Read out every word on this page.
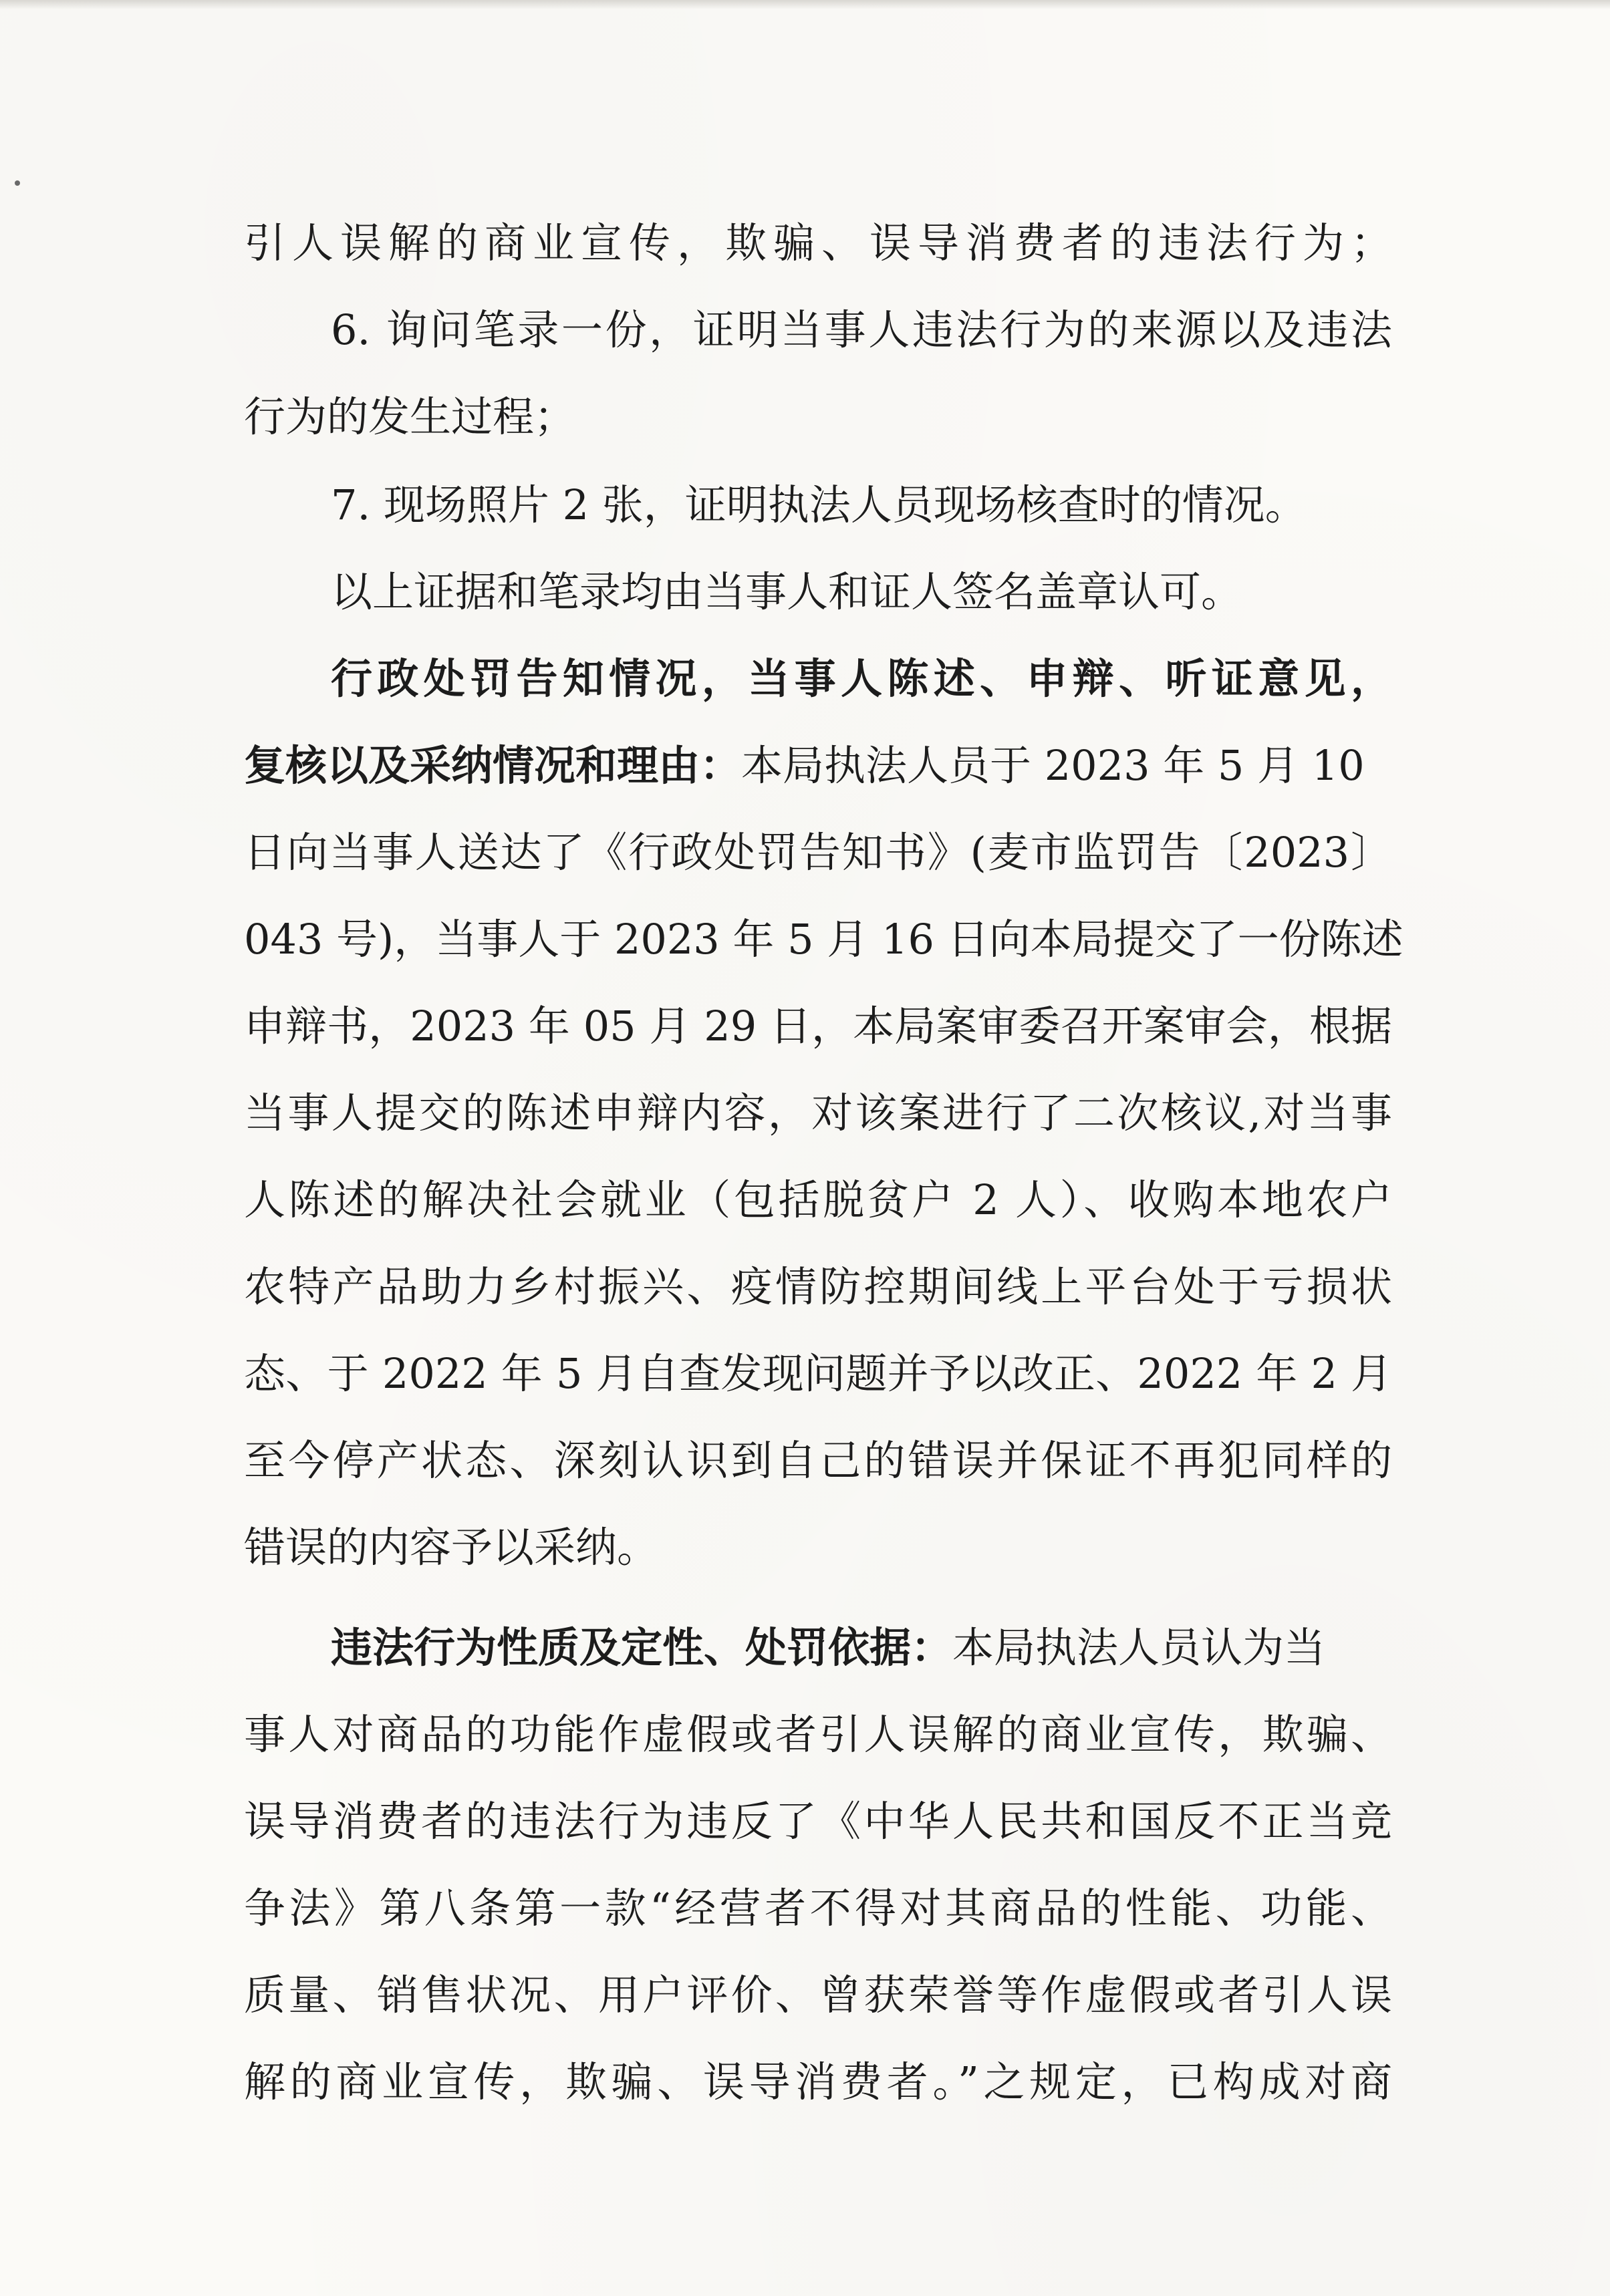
引人误解的商业宣传，欺骗、误导消费者的违法行为；
6. 询问笔录一份，证明当事人违法行为的来源以及违法
行为的发生过程；
7. 现场照片 2 张，证明执法人员现场核查时的情况。
以上证据和笔录均由当事人和证人签名盖章认可。
行政处罚告知情况，当事人陈述、申辩、听证意见，
复核以及采纳情况和理由：本局执法人员于 2023 年 5 月 10
日向当事人送达了《行政处罚告知书》(麦市监罚告〔2023〕
043 号)，当事人于 2023 年 5 月 16 日向本局提交了一份陈述
申辩书，2023 年 05 月 29 日，本局案审委召开案审会，根据
当事人提交的陈述申辩内容，对该案进行了二次核议,对当事
人陈述的解决社会就业（包括脱贫户 2 人）、收购本地农户
农特产品助力乡村振兴、疫情防控期间线上平台处于亏损状
态、于 2022 年 5 月自查发现问题并予以改正、2022 年 2 月
至今停产状态、深刻认识到自己的错误并保证不再犯同样的
错误的内容予以采纳。
违法行为性质及定性、处罚依据：本局执法人员认为当
事人对商品的功能作虚假或者引人误解的商业宣传，欺骗、
误导消费者的违法行为违反了《中华人民共和国反不正当竞
争法》第八条第一款“经营者不得对其商品的性能、功能、
质量、销售状况、用户评价、曾获荣誉等作虚假或者引人误
解的商业宣传，欺骗、误导消费者。”之规定，已构成对商
